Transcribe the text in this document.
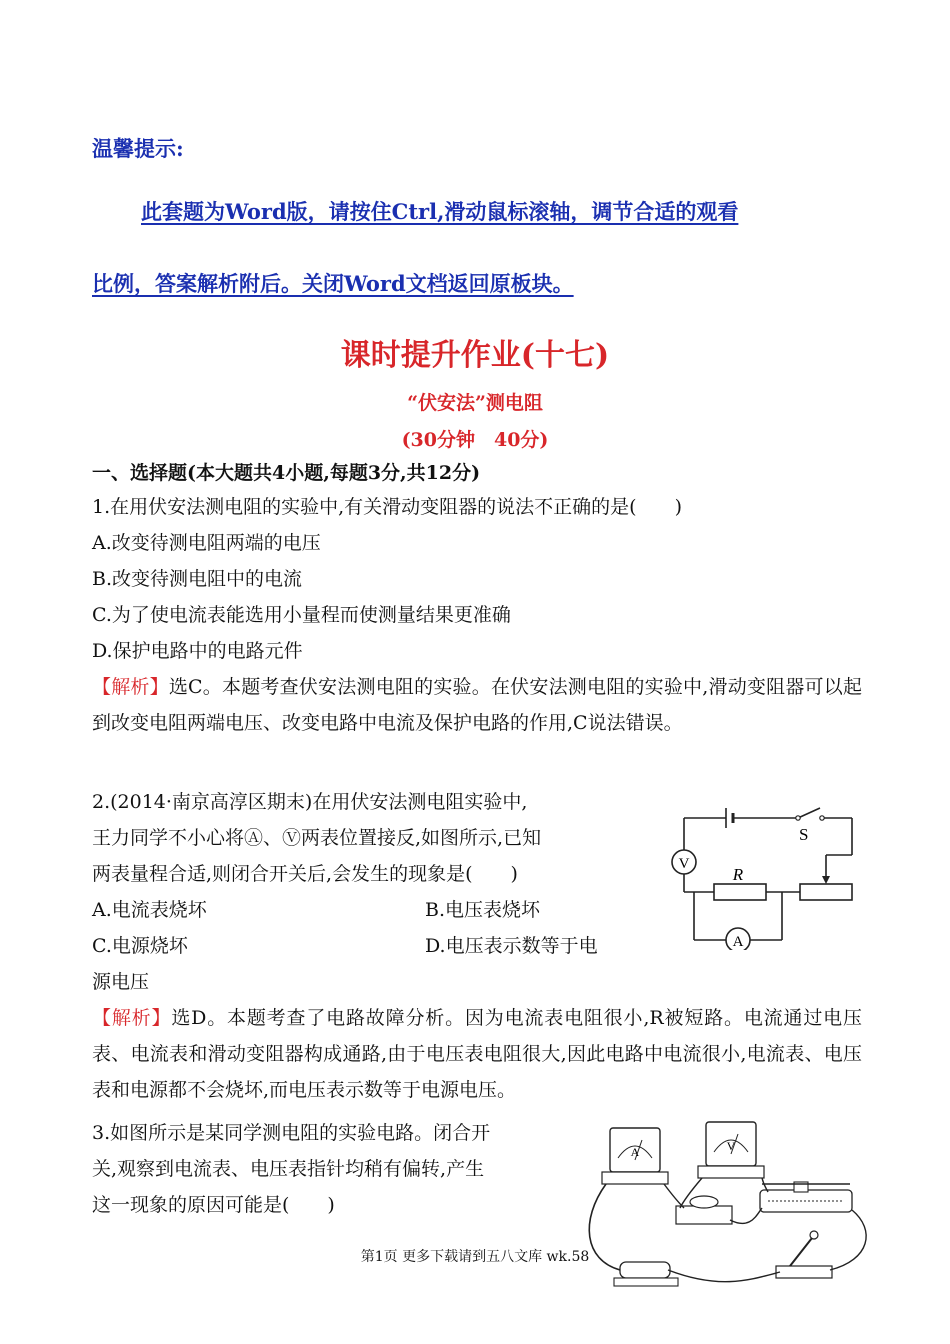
温馨提示:
此套题为Word版，请按住Ctrl,滑动鼠标滚轴，调节合适的观看
比例，答案解析附后。关闭Word文档返回原板块。
课时提升作业(十七)
“伏安法”测电阻
(30分钟　40分)
一、选择题(本大题共4小题,每题3分,共12分)
1.在用伏安法测电阻的实验中,有关滑动变阻器的说法不正确的是(　　)
A.改变待测电阻两端的电压
B.改变待测电阻中的电流
C.为了使电流表能选用小量程而使测量结果更准确
D.保护电路中的电路元件
【解析】选C。本题考查伏安法测电阻的实验。在伏安法测电阻的实验中,滑动变阻器可以起到改变电阻两端电压、改变电路中电流及保护电路的作用,C说法错误。
2.(2014·南京高淳区期末)在用伏安法测电阻实验中,
王力同学不小心将Ⓐ、Ⓥ两表位置接反,如图所示,已知
两表量程合适,则闭合开关后,会发生的现象是(　　)
A.电流表烧坏	B.电压表烧坏
C.电源烧坏	D.电压表示数等于电
源电压
S
V
R
A
【解析】选D。本题考查了电路故障分析。因为电流表电阻很小,R被短路。电流通过电压表、电流表和滑动变阻器构成通路,由于电压表电阻很大,因此电路中电流很小,电流表、电压表和电源都不会烧坏,而电压表示数等于电源电压。
3.如图所示是某同学测电阻的实验电路。闭合开
关,观察到电流表、电压表指针均稍有偏转,产生
这一现象的原因可能是(　　)
A	V
第1页 更多下载请到五八文库 wk.58
